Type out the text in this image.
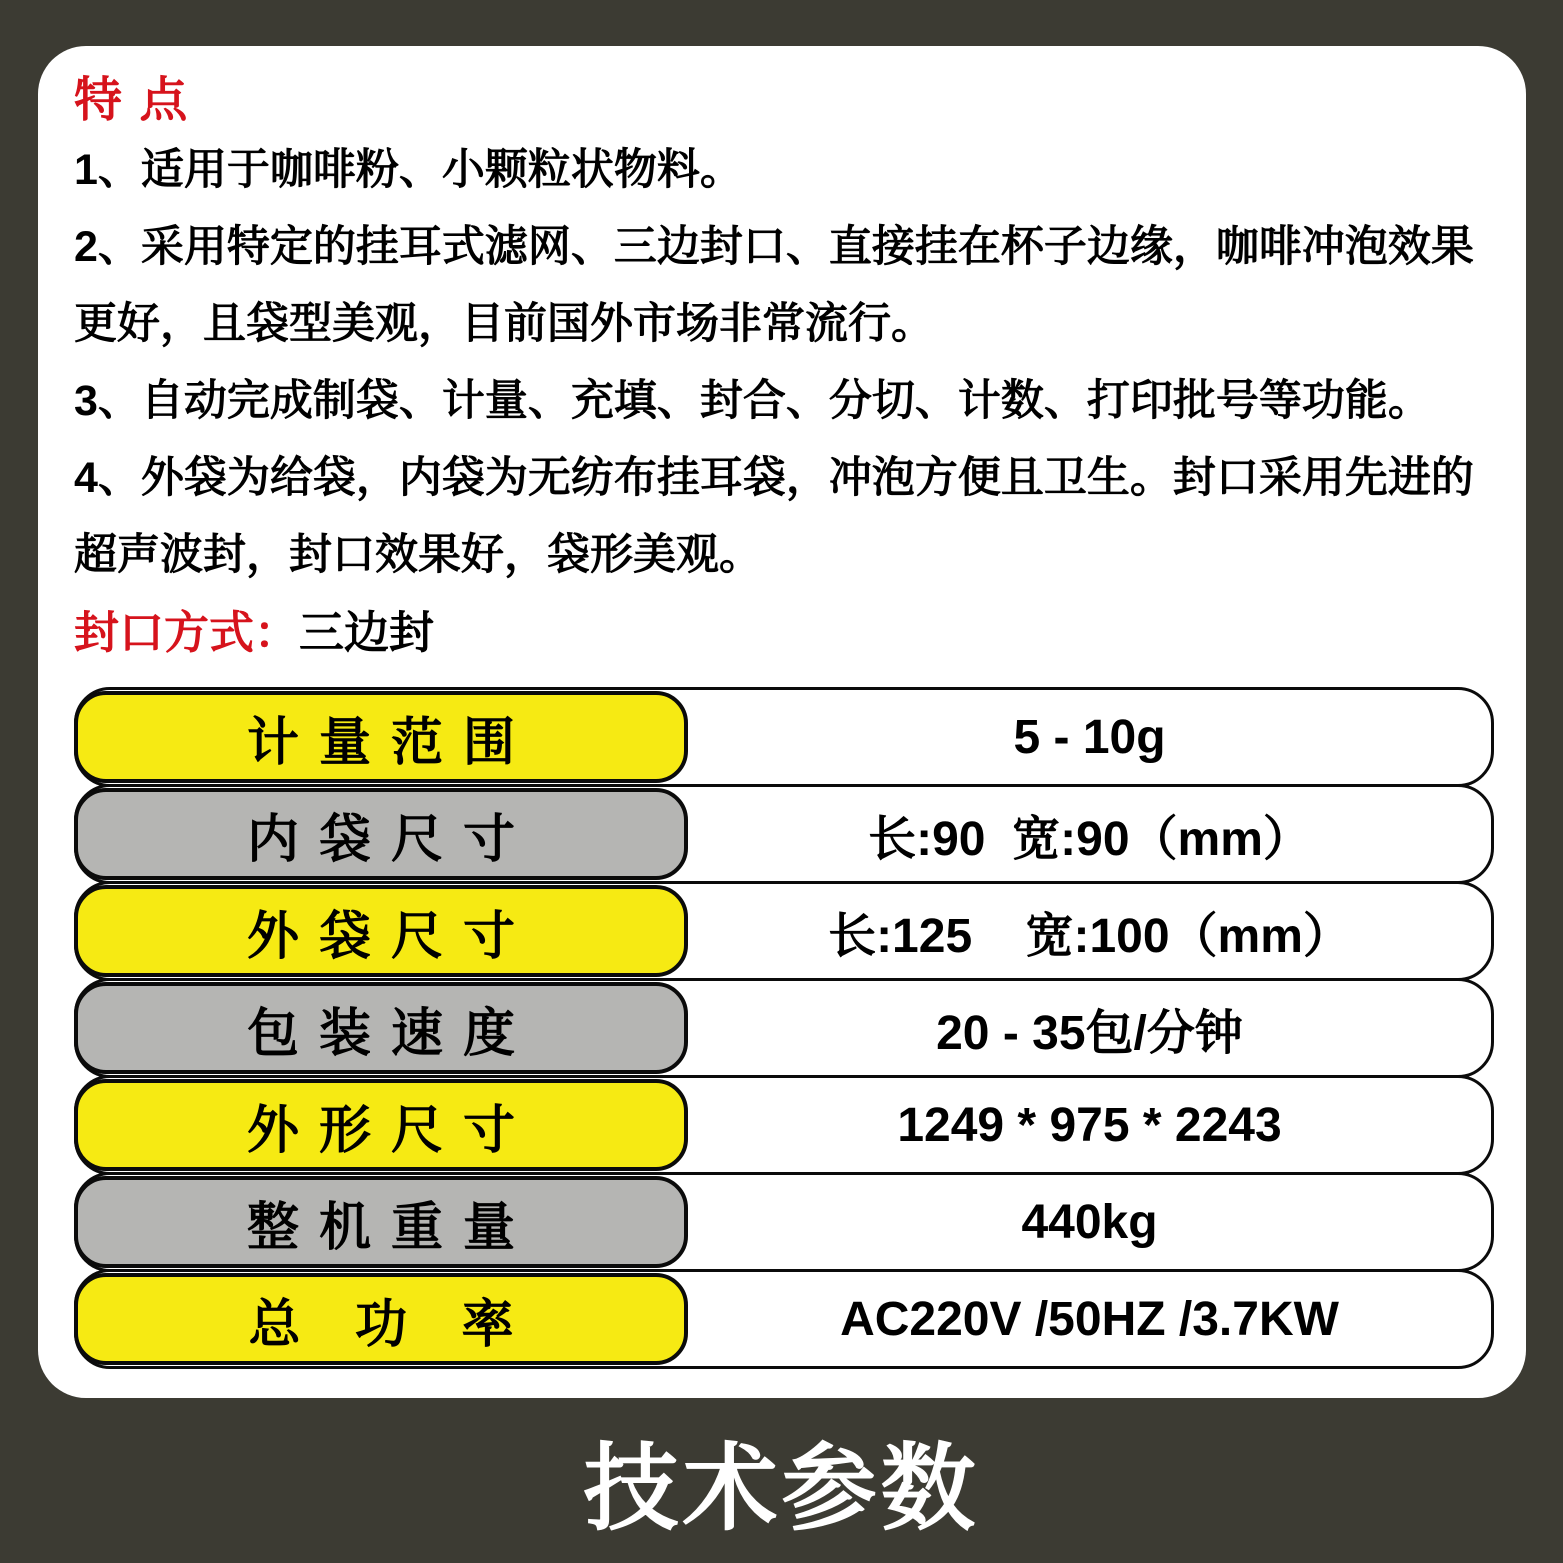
特 点
1、适用于咖啡粉、小颗粒状物料。
2、采用特定的挂耳式滤网、三边封口、直接挂在杯子边缘，咖啡冲泡效果
更好，且袋型美观，目前国外市场非常流行。
3、自动完成制袋、计量、充填、封合、分切、计数、打印批号等功能。
4、外袋为给袋，内袋为无纺布挂耳袋，冲泡方便且卫生。封口采用先进的
超声波封，封口效果好，袋形美观。
封口方式：三边封
计量范围	5 - 10g
内袋尺寸	长:90  宽:90（mm）
外袋尺寸	长:125    宽:100（mm）
包装速度	20 - 35包/分钟
外形尺寸	1249 * 975 * 2243
整机重量	440kg
总 功 率	AC220V /50HZ /3.7KW
技术参数
